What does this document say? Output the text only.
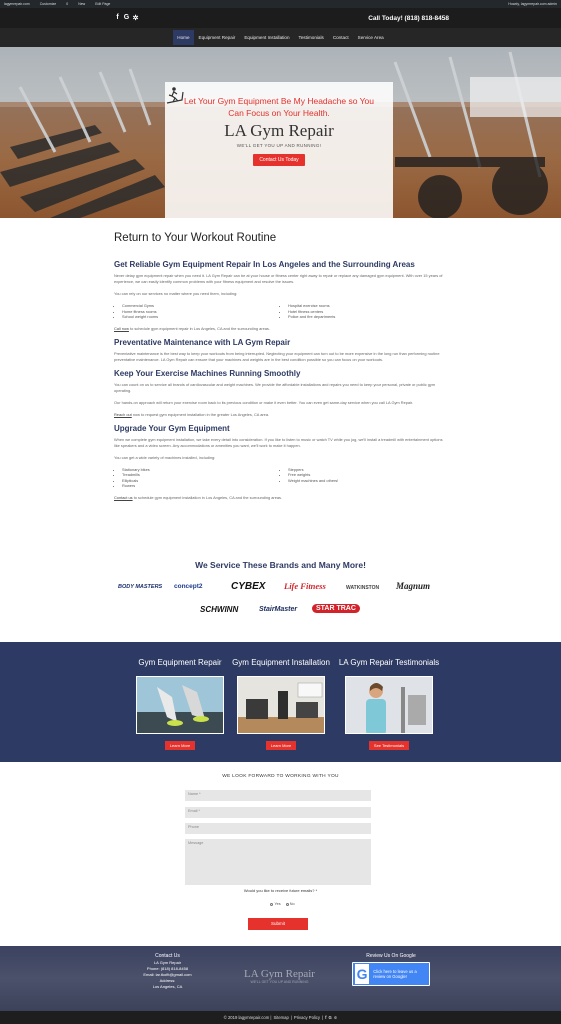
lagymrepair.com	Customize	0	New	Edit Page	Howdy, lagymrepair.com admin
f G ✲	Call Today! (818) 818-8458
Home	Equipment Repair	Equipment Installation	Testimonials	Contact	Service Area
Let Your Gym Equipment Be My Headache so You Can Focus on Your Health.
LA Gym Repair
WE'LL GET YOU UP AND RUNNING!
Contact Us Today
Return to Your Workout Routine
Get Reliable Gym Equipment Repair In Los Angeles and the Surrounding Areas

Never delay gym equipment repair when you need it. LA Gym Repair can be at your house or fitness center right away to repair or replace any damaged gym equipment. With over 15 years of experience, we can easily identify common problems with your fitness equipment and resolve the issues.

You can rely on our services no matter where you need them, including:

• Commercial Gyms
• Home fitness rooms
• School weight rooms
• Hospital exercise rooms
• Hotel fitness centers
• Police and fire departments

Call now to schedule gym equipment repair in Los Angeles, CA and the surrounding areas.

Preventative Maintenance with LA Gym Repair

Preventative maintenance is the best way to keep your workouts from being interrupted. Neglecting your equipment can turn out to be more expensive in the long run than performing routine preventative maintenance. LA Gym Repair can ensure that your machines and weights are in the best condition possible so you can focus on your workouts.

Keep Your Exercise Machines Running Smoothly

You can count on us to service all brands of cardiovascular and weight machines. We provide the affordable installations and repairs you need to keep your personal, private or public gym operating.

Our hands-on approach will return your exercise room back to its previous condition or make it even better. You can even get same-day service when you call LA Gym Repair.

Reach out now to request gym equipment installation in the greater Los Angeles, CA area.

Upgrade Your Gym Equipment

When we complete gym equipment installation, we take every detail into consideration. If you like to listen to music or watch TV while you jog, we'll install a treadmill with entertainment options like speakers and a video screen. Any accommodations or amenities you want, we'll work to make it happen.

You can get a wide variety of machines installed, including:

• Stationary bikes
• Treadmills
• Ellipticals
• Rowers
• Steppers
• Free weights
• Weight machines and others!

Contact us to schedule gym equipment installation in Los Angeles, CA and the surrounding areas.

We Service These Brands and Many More!
BODY MASTERS concept2	CYBEX Life Fitness	WATKINSTON Magnum
SCHWINN	StairMaster	STAR TRAC
Gym Equipment Repair
Learn More
Gym Equipment Installation
Learn More
LA Gym Repair Testimonials
See Testimonials
WE LOOK FORWARD TO WORKING WITH YOU
Name *
Email *
Phone
Message
Would you like to receive future emails? *
Yes No
Submit
Contact Us
LA Gym Repair
Phone: (818) 818-8458
Email: lar.tkofit@gmail.com
Address:
Los Angeles, CA
LA Gym Repair
WE'LL GET YOU UP AND RUNNING
Review Us On Google
G	Click here to leave us a review on Google!
© 2019 lagymrepair.com | Sitemap | Privacy Policy | f G ✲
